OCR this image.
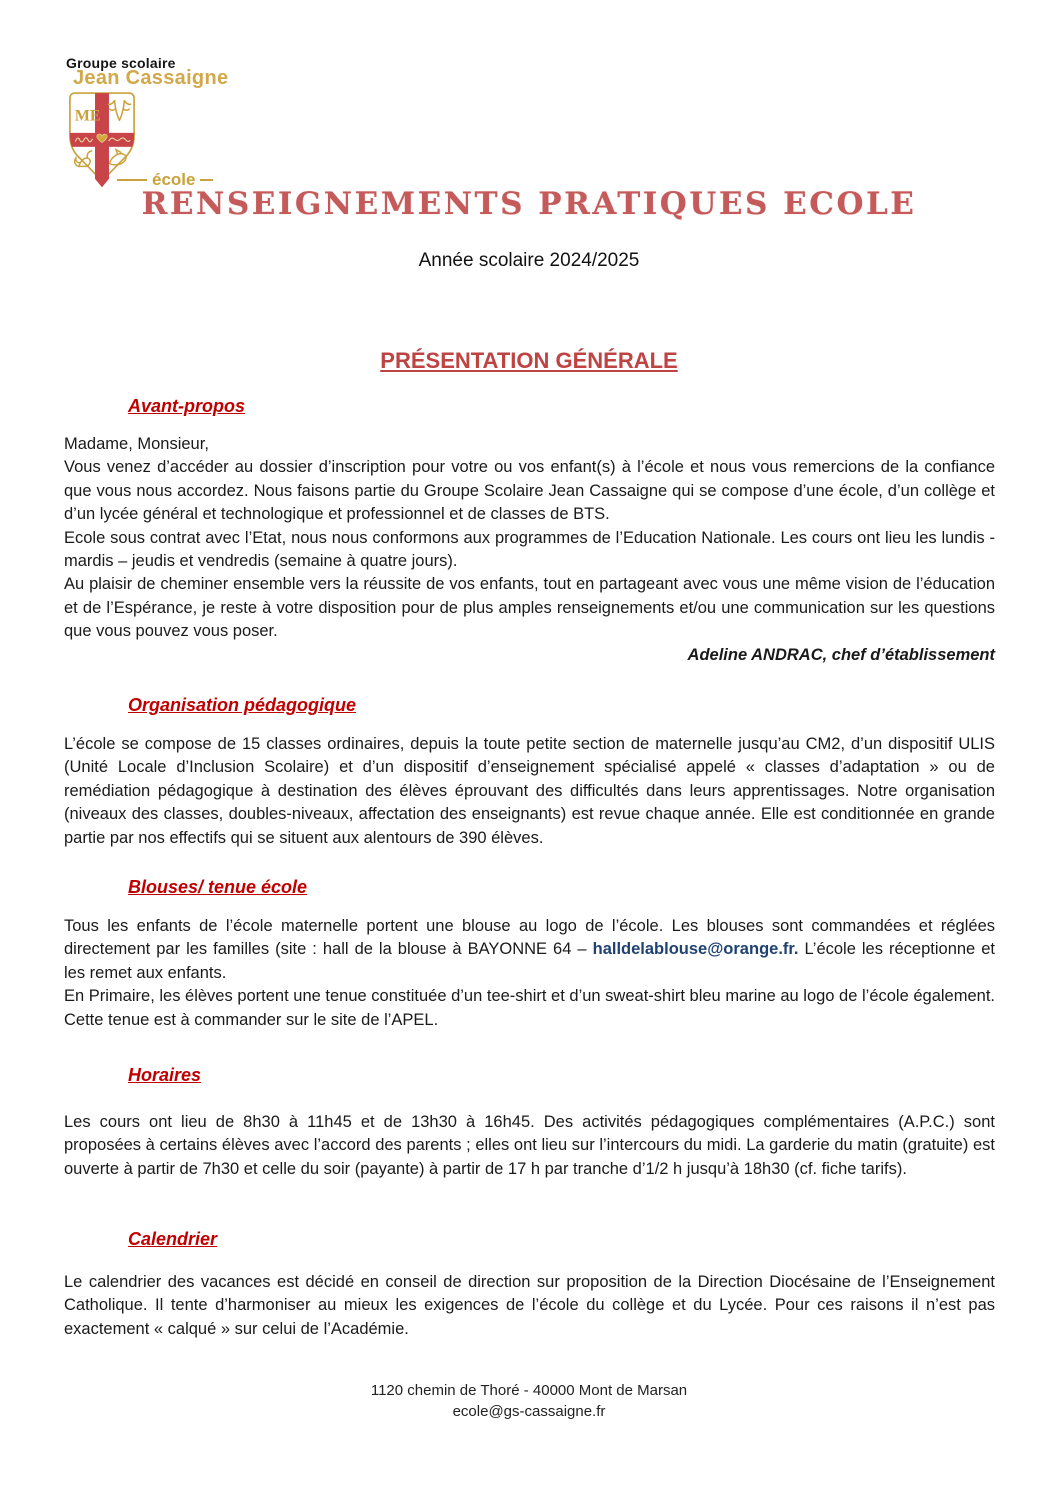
Groupe scolaire
Jean Cassaigne
ME
école
RENSEIGNEMENTS PRATIQUES ECOLE
Année scolaire 2024/2025
PRÉSENTATION GÉNÉRALE
Avant-propos

Madame, Monsieur,

Vous venez d’accéder au dossier d’inscription pour votre ou vos enfant(s) à l’école et nous vous remercions de la confiance que vous nous accordez. Nous faisons partie du Groupe Scolaire Jean Cassaigne qui se compose d’une école, d’un collège et d’un lycée général et technologique et professionnel et de classes de BTS.

Ecole sous contrat avec l’Etat, nous nous conformons aux programmes de l’Education Nationale. Les cours ont lieu les lundis -mardis – jeudis et vendredis (semaine à quatre jours).

Au plaisir de cheminer ensemble vers la réussite de vos enfants, tout en partageant avec vous une même vision de l’éducation et de l’Espérance, je reste à votre disposition pour de plus amples renseignements et/ou une communication sur les questions que vous pouvez vous poser.

Adeline ANDRAC, chef d’établissement
Organisation pédagogique

L’école se compose de 15 classes ordinaires, depuis la toute petite section de maternelle jusqu’au CM2, d’un dispositif ULIS (Unité Locale d’Inclusion Scolaire) et d’un dispositif d’enseignement spécialisé appelé « classes d’adaptation » ou de remédiation pédagogique à destination des élèves éprouvant des difficultés dans leurs apprentissages. Notre organisation (niveaux des classes, doubles-niveaux, affectation des enseignants) est revue chaque année. Elle est conditionnée en grande partie par nos effectifs qui se situent aux alentours de 390 élèves.

Blouses/ tenue école

Tous les enfants de l’école maternelle portent une blouse au logo de l’école. Les blouses sont commandées et réglées directement par les familles (site : hall de la blouse à BAYONNE 64 – halldelablouse@orange.fr. L’école les réceptionne et les remet aux enfants.

En Primaire, les élèves portent une tenue constituée d’un tee-shirt et d’un sweat-shirt bleu marine au logo de l’école également. Cette tenue est à commander sur le site de l’APEL.

Horaires

Les cours ont lieu de 8h30 à 11h45 et de 13h30 à 16h45. Des activités pédagogiques complémentaires (A.P.C.) sont proposées à certains élèves avec l’accord des parents ; elles ont lieu sur l’intercours du midi. La garderie du matin (gratuite) est ouverte à partir de 7h30 et celle du soir (payante) à partir de 17 h par tranche d’1/2 h jusqu’à 18h30 (cf. fiche tarifs).

Calendrier

Le calendrier des vacances est décidé en conseil de direction sur proposition de la Direction Diocésaine de l’Enseignement Catholique. Il tente d’harmoniser au mieux les exigences de l’école du collège et du Lycée. Pour ces raisons il n’est pas exactement « calqué » sur celui de l’Académie.

1120 chemin de Thoré - 40000 Mont de Marsan
ecole@gs-cassaigne.fr
